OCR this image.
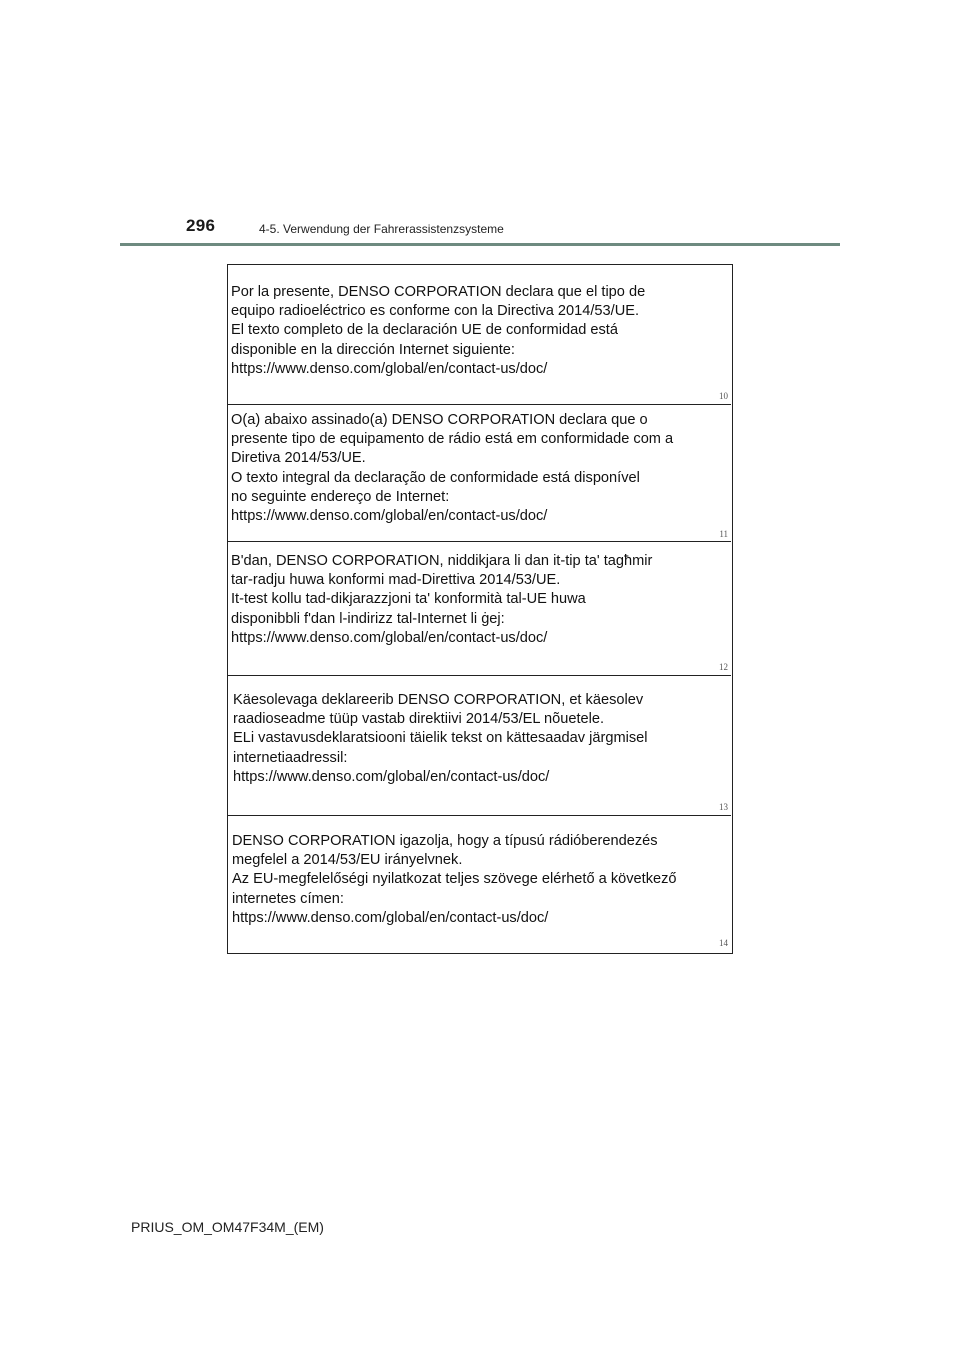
296	4-5. Verwendung der Fahrerassistenzsysteme
Por la presente, DENSO CORPORATION declara que el tipo de
equipo radioeléctrico es conforme con la Directiva 2014/53/UE.
El texto completo de la declaración UE de conformidad está
disponible en la dirección Internet siguiente:
https://www.denso.com/global/en/contact-us/doc/
10
O(a) abaixo assinado(a) DENSO CORPORATION declara que o
presente tipo de equipamento de rádio está em conformidade com a
Diretiva 2014/53/UE.
O texto integral da declaração de conformidade está disponível
no seguinte endereço de Internet:
https://www.denso.com/global/en/contact-us/doc/
11
B'dan, DENSO CORPORATION, niddikjara li dan it-tip ta' tagħmir
tar-radju huwa konformi mad-Direttiva 2014/53/UE.
It-test kollu tad-dikjarazzjoni ta' konformità tal-UE huwa
disponibbli f'dan l-indirizz tal-Internet li ġej:
https://www.denso.com/global/en/contact-us/doc/
12
Käesolevaga deklareerib DENSO CORPORATION, et käesolev
raadioseadme tüüp vastab direktiivi 2014/53/EL nõuetele.
ELi vastavusdeklaratsiooni täielik tekst on kättesaadav järgmisel
internetiaadressil:
https://www.denso.com/global/en/contact-us/doc/
13
DENSO CORPORATION igazolja, hogy a típusú rádióberendezés
megfelel a 2014/53/EU irányelvnek.
Az EU-megfelelőségi nyilatkozat teljes szövege elérhető a következő
internetes címen:
https://www.denso.com/global/en/contact-us/doc/
14
PRIUS_OM_OM47F34M_(EM)
